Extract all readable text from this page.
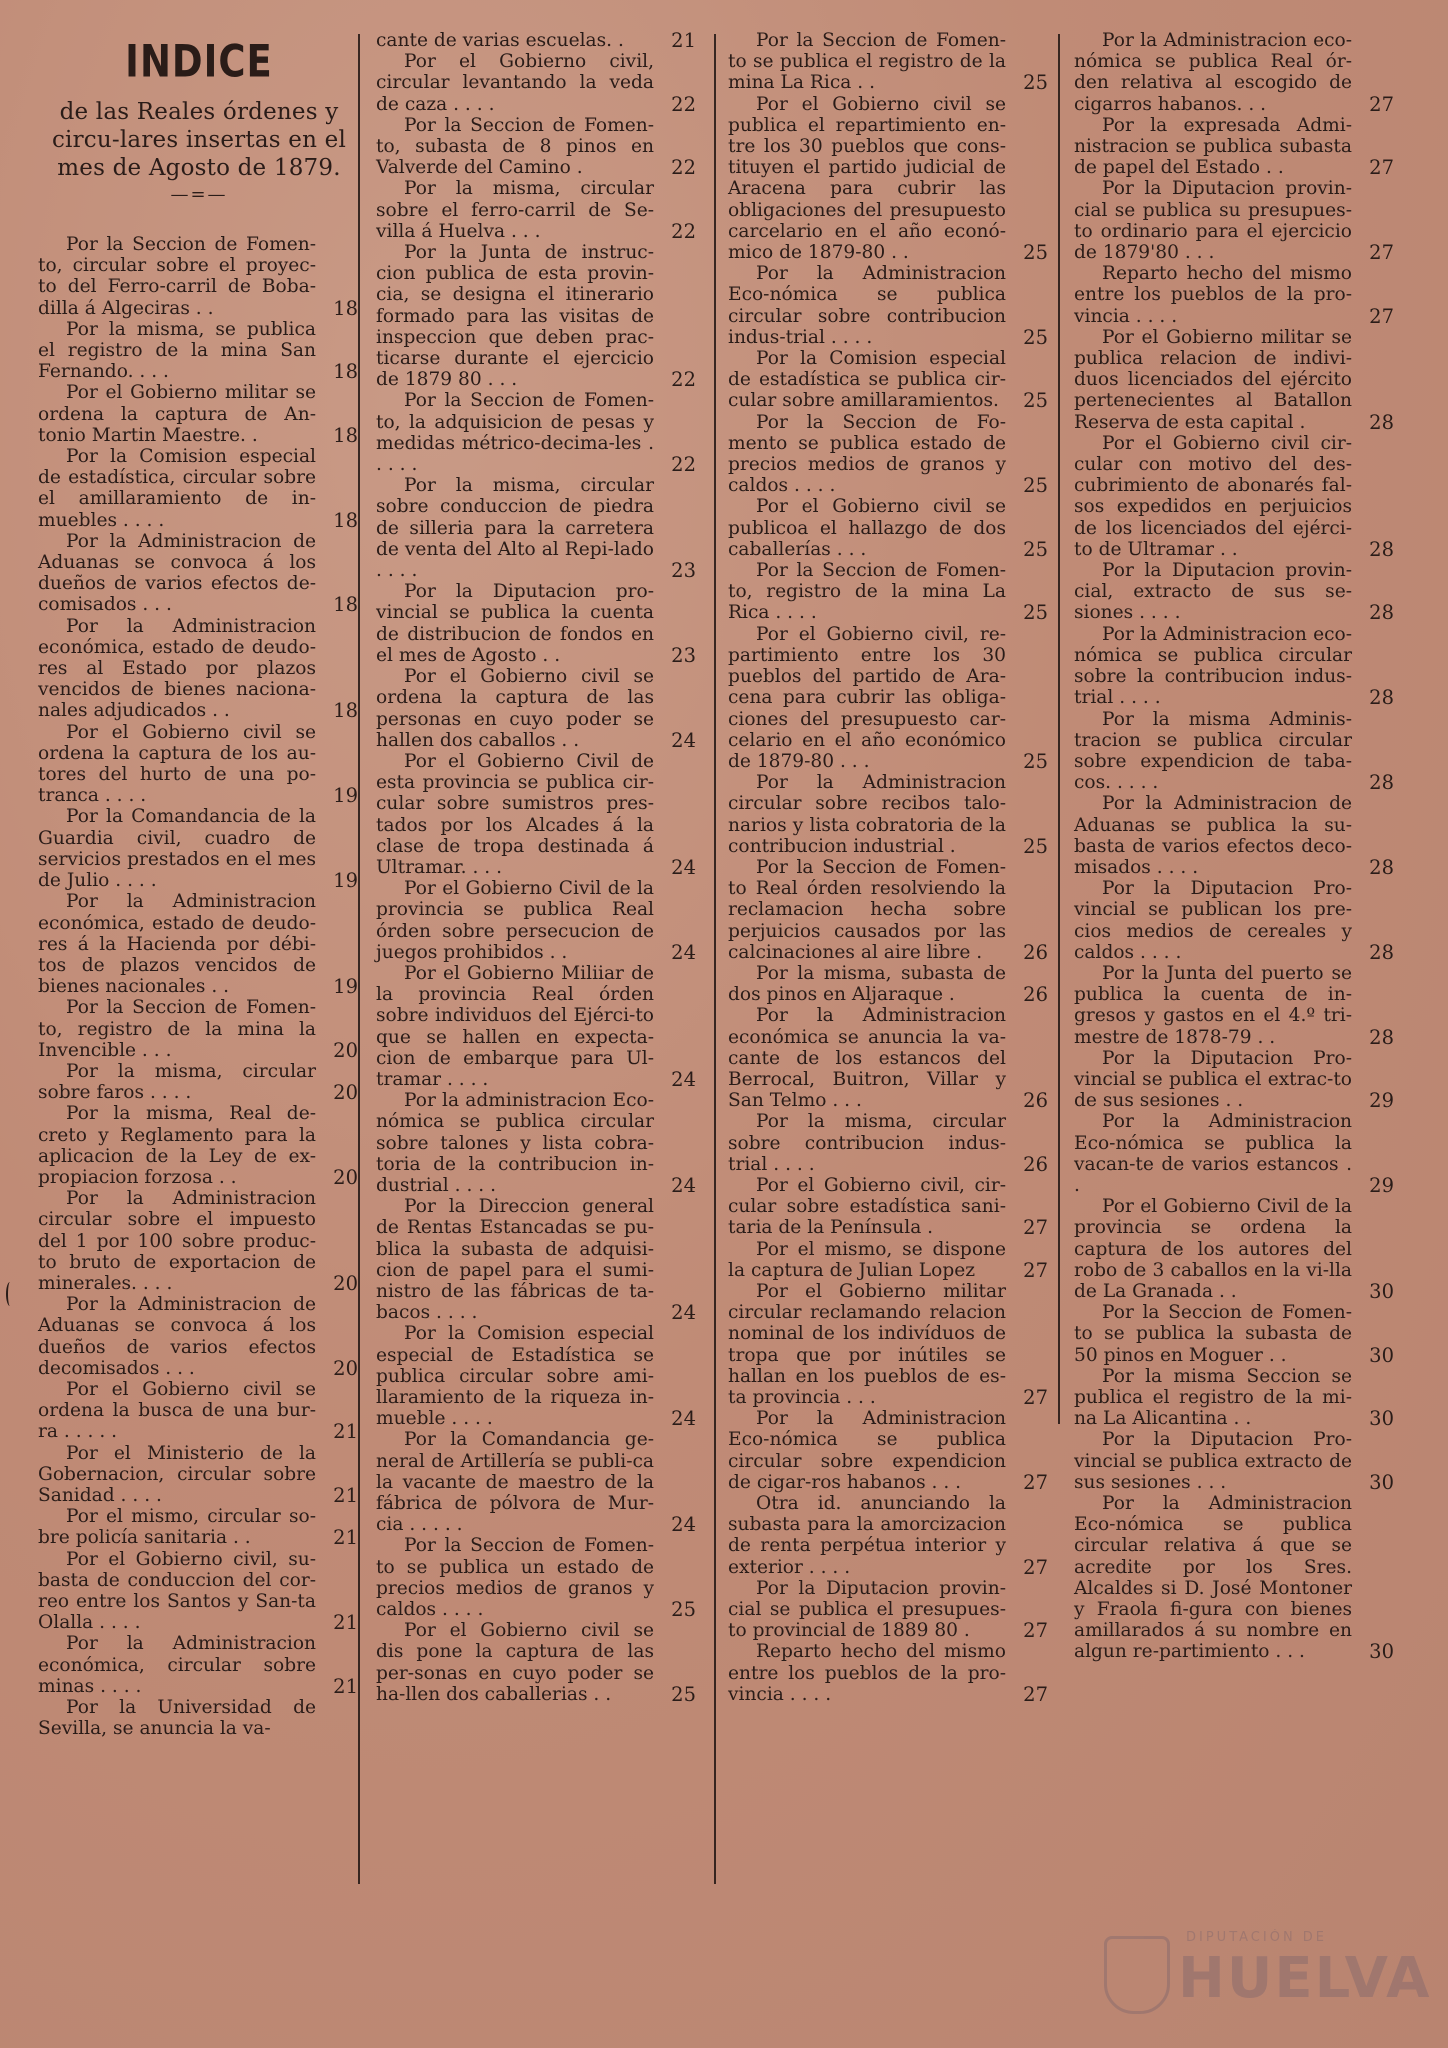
INDICE
de las Reales órdenes y circu-lares insertas en el mes de Agosto de 1879.
—=—

Por la Seccion de Fomen-to, circular sobre el proyec-to del Ferro-carril de Boba-dilla á Algeciras . .	18

Por la misma, se publica el registro de la mina San Fernando. . . .	18

Por el Gobierno militar se ordena la captura de An-tonio Martin Maestre. .	18

Por la Comision especial de estadística, circular sobre el amillaramiento de in-muebles . . . .	18

Por la Administracion de Aduanas se convoca á los dueños de varios efectos de-comisados . . .	18

Por la Administracion económica, estado de deudo-res al Estado por plazos vencidos de bienes naciona-nales adjudicados . .	18

Por el Gobierno civil se ordena la captura de los au-tores del hurto de una po-tranca . . . .	19

Por la Comandancia de la Guardia civil, cuadro de servicios prestados en el mes de Julio . . . .	19

Por la Administracion económica, estado de deudo-res á la Hacienda por débi-tos de plazos vencidos de bienes nacionales . .	19

Por la Seccion de Fomen-to, registro de la mina la Invencible . . .	20

Por la misma, circular sobre faros . . . .	20

Por la misma, Real de-creto y Reglamento para la aplicacion de la Ley de ex-propiacion forzosa . .	20

Por la Administracion circular sobre el impuesto del 1 por 100 sobre produc-to bruto de exportacion de minerales. . . .	20

Por la Administracion de Aduanas se convoca á los dueños de varios efectos decomisados . . .	20

Por el Gobierno civil se ordena la busca de una bur-ra . . . . .	21

Por el Ministerio de la Gobernacion, circular sobre Sanidad . . . .	21

Por el mismo, circular so-bre policía sanitaria . .	21

Por el Gobierno civil, su-basta de conduccion del cor-reo entre los Santos y San-ta Olalla . . . .	21

Por la Administracion económica, circular sobre minas . . . .	21

Por la Universidad de Sevilla, se anuncia la va-

cante de varias escuelas. . 21

Por el Gobierno civil, circular levantando la veda de caza . . . .	22

Por la Seccion de Fomen-to, subasta de 8 pinos en Valverde del Camino .	22

Por la misma, circular sobre el ferro-carril de Se-villa á Huelva . . .	22

Por la Junta de instruc-cion publica de esta provin-cia, se designa el itinerario formado para las visitas de inspeccion que deben prac-ticarse durante el ejercicio de 1879 80 . . .	22

Por la Seccion de Fomen-to, la adquisicion de pesas y medidas métrico-decima-les . . . . .	22

Por la misma, circular sobre conduccion de piedra de silleria para la carretera de venta del Alto al Repi-lado . . . .	23

Por la Diputacion pro-vincial se publica la cuenta de distribucion de fondos en el mes de Agosto . .	23

Por el Gobierno civil se ordena la captura de las personas en cuyo poder se hallen dos caballos . .	24

Por el Gobierno Civil de esta provincia se publica cir-cular sobre sumistros pres-tados por los Alcades á la clase de tropa destinada á Ultramar. . . .	24

Por el Gobierno Civil de la provincia se publica Real órden sobre persecucion de juegos prohibidos . .	24

Por el Gobierno Miliiar de la provincia Real órden sobre individuos del Ejérci-to que se hallen en expecta-cion de embarque para Ul-tramar . . . .	24

Por la administracion Eco-nómica se publica circular sobre talones y lista cobra-toria de la contribucion in-dustrial . . . .	24

Por la Direccion general de Rentas Estancadas se pu-blica la subasta de adquisi-cion de papel para el sumi-nistro de las fábricas de ta-bacos . . . .	24

Por la Comision especial especial de Estadística se publica circular sobre ami-llaramiento de la riqueza in-mueble . . . .	24

Por la Comandancia ge-neral de Artillería se publi-ca la vacante de maestro de la fábrica de pólvora de Mur-cia . . . . .	24

Por la Seccion de Fomen-to se publica un estado de precios medios de granos y caldos . . . .	25

Por el Gobierno civil se dis pone la captura de las per-sonas en cuyo poder se ha-llen dos caballerias . .	25

Por la Seccion de Fomen-to se publica el registro de la mina La Rica . .	25

Por el Gobierno civil se publica el repartimiento en-tre los 30 pueblos que cons-tituyen el partido judicial de Aracena para cubrir las obligaciones del presupuesto carcelario en el año econó-mico de 1879-80 . .	25

Por la Administracion Eco-nómica se publica circular sobre contribucion indus-trial . . . .	25

Por la Comision especial de estadística se publica cir-cular sobre amillaramientos. 25

Por la Seccion de Fo-mento se publica estado de precios medios de granos y caldos . . . .	25

Por el Gobierno civil se publicoa el hallazgo de dos caballerías . . .	25

Por la Seccion de Fomen-to, registro de la mina La Rica . . . .	25

Por el Gobierno civil, re-partimiento entre los 30 pueblos del partido de Ara-cena para cubrir las obliga-ciones del presupuesto car-celario en el año económico de 1879-80 . . .	25

Por la Administracion circular sobre recibos talo-narios y lista cobratoria de la contribucion industrial .	25

Por la Seccion de Fomen-to Real órden resolviendo la reclamacion hecha sobre perjuicios causados por las calcinaciones al aire libre . 26

Por la misma, subasta de dos pinos en Aljaraque .	26

Por la Administracion económica se anuncia la va-cante de los estancos del Berrocal, Buitron, Villar y San Telmo . . .	26

Por la misma, circular sobre contribucion indus-trial . . . .	26

Por el Gobierno civil, cir-cular sobre estadística sani-taria de la Península .	27

Por el mismo, se dispone la captura de Julian Lopez 27

Por el Gobierno militar circular reclamando relacion nominal de los indivíduos de tropa que por inútiles se hallan en los pueblos de es-ta provincia . . .	27

Por la Administracion Eco-nómica se publica circular sobre expendicion de cigar-ros habanos . . .	27

Otra id. anunciando la subasta para la amorcizacion de renta perpétua interior y exterior . . . .	27

Por la Diputacion provin-cial se publica el presupues-to provincial de 1889 80 .	27

Reparto hecho del mismo entre los pueblos de la pro-vincia . . . .	27

Por la Administracion eco-nómica se publica Real ór-den relativa al escogido de cigarros habanos. . .	27

Por la expresada Admi-nistracion se publica subasta de papel del Estado . .	27

Por la Diputacion provin-cial se publica su presupues-to ordinario para el ejercicio de 1879'80 . . .	27

Reparto hecho del mismo entre los pueblos de la pro-vincia . . . .	27

Por el Gobierno militar se publica relacion de indivi-duos licenciados del ejército pertenecientes al Batallon Reserva de esta capital .	28

Por el Gobierno civil cir-cular con motivo del des-cubrimiento de abonarés fal-sos expedidos en perjuicios de los licenciados del ejérci-to de Ultramar . .	28

Por la Diputacion provin-cial, extracto de sus se-siones . . . .	28

Por la Administracion eco-nómica se publica circular sobre la contribucion indus-trial . . . .	28

Por la misma Adminis-tracion se publica circular sobre expendicion de taba-cos. . . . .	28

Por la Administracion de Aduanas se publica la su-basta de varios efectos deco-misados . . . .	28

Por la Diputacion Pro-vincial se publican los pre-cios medios de cereales y caldos . . . .	28

Por la Junta del puerto se publica la cuenta de in-gresos y gastos en el 4.º tri-mestre de 1878-79 . .	28

Por la Diputacion Pro-vincial se publica el extrac-to de sus sesiones . .	29

Por la Administracion Eco-nómica se publica la vacan-te de varios estancos . .	29

Por el Gobierno Civil de la provincia se ordena la captura de los autores del robo de 3 caballos en la vi-lla de La Granada . .	30

Por la Seccion de Fomen-to se publica la subasta de 50 pinos en Moguer . .	30

Por la misma Seccion se publica el registro de la mi-na La Alicantina . .	30

Por la Diputacion Pro-vincial se publica extracto de sus sesiones . . .	30

Por la Administracion Eco-nómica se publica circular relativa á que se acredite por los Sres. Alcaldes si D. José Montoner y Fraola fi-gura con bienes amillarados á su nombre en algun re-partimiento . . .	30

DIPUTACIÓN DE
HUELVA
